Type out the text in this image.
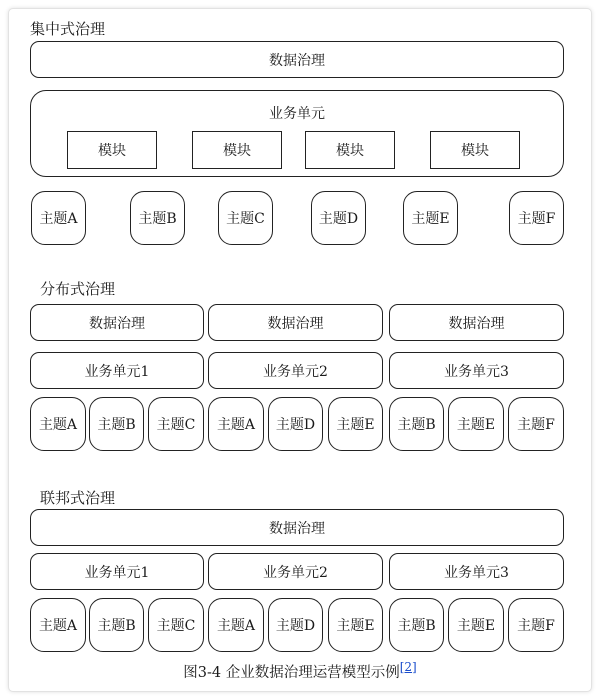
集中式治理
数据治理
业务单元
模块	模块	模块	模块
主题A	主题B	主题C	主题D	主题E	主题F
分布式治理
数据治理	数据治理	数据治理
业务单元1	业务单元2	业务单元3
主题A	主题B	主题C	主题A	主题D	主题E	主题B	主题E	主题F
联邦式治理
数据治理
业务单元1	业务单元2	业务单元3
主题A	主题B	主题C	主题A	主题D	主题E	主题B	主题E	主题F
图3-4 企业数据治理运营模型示例[2]
